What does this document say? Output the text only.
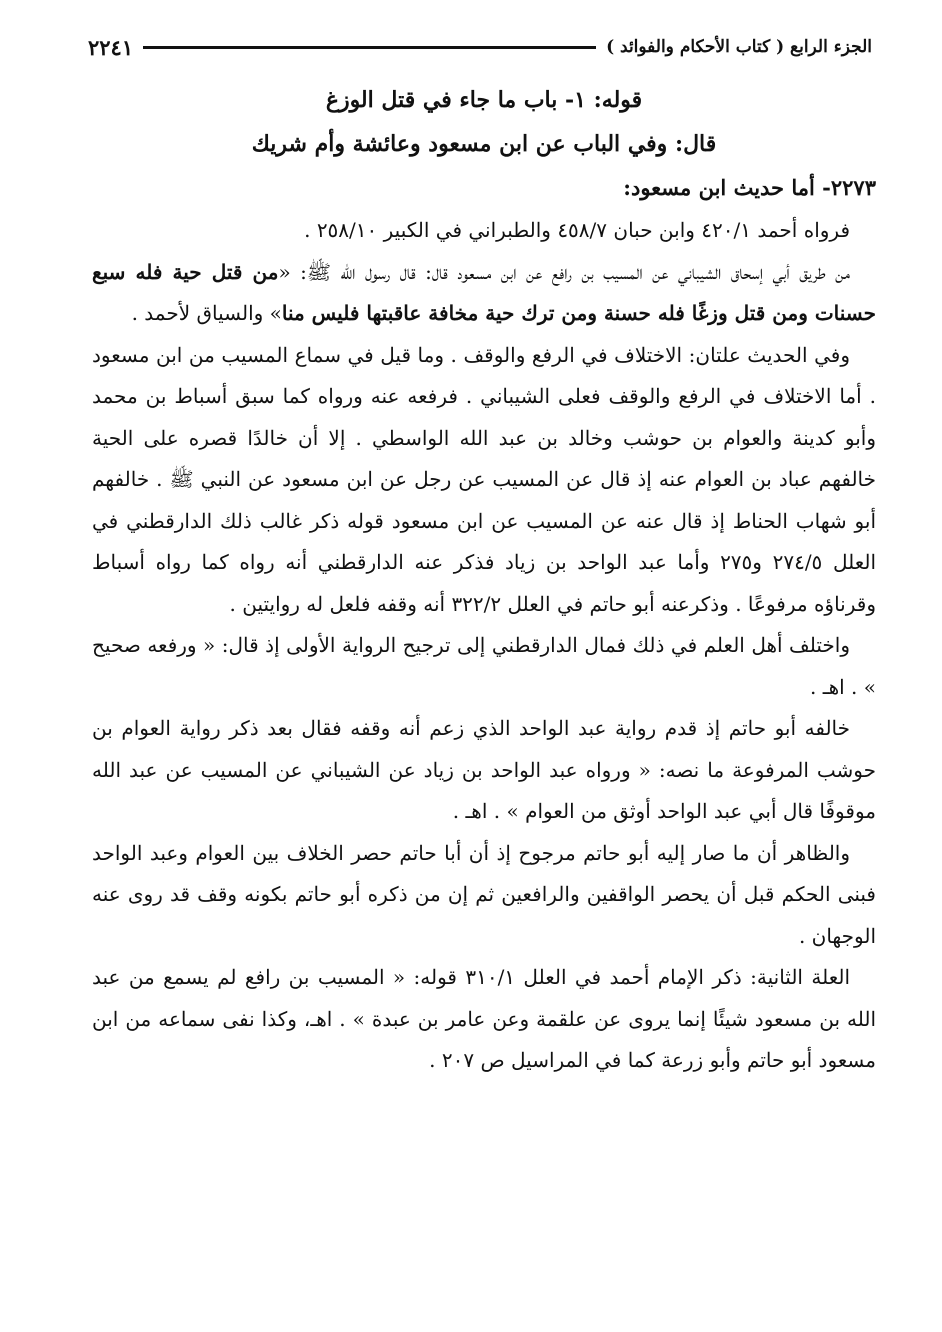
الجزء الرابع ( كتاب الأحكام والفوائد )
٢٢٤١
قوله: ١- باب ما جاء في قتل الوزغ
قال: وفي الباب عن ابن مسعود وعائشة وأم شريك
٢٢٧٣- أما حديث ابن مسعود:

فرواه أحمد ٤٢٠/١ وابن حبان ٤٥٨/٧ والطبراني في الكبير ٢٥٨/١٠ .

من طريق أبي إسحاق الشيباني عن المسيب بن رافع عن ابن مسعود قال: قال رسول الله ﷺ: «من قتل حية فله سبع حسنات ومن قتل وزغًا فله حسنة ومن ترك حية مخافة عاقبتها فليس منا» والسياق لأحمد .

وفي الحديث علتان: الاختلاف في الرفع والوقف . وما قيل في سماع المسيب من ابن مسعود . أما الاختلاف في الرفع والوقف فعلى الشيباني . فرفعه عنه ورواه كما سبق أسباط بن محمد وأبو كدينة والعوام بن حوشب وخالد بن عبد الله الواسطي . إلا أن خالدًا قصره على الحية خالفهم عباد بن العوام عنه إذ قال عن المسيب عن رجل عن ابن مسعود عن النبي ﷺ . خالفهم أبو شهاب الحناط إذ قال عنه عن المسيب عن ابن مسعود قوله ذكر غالب ذلك الدارقطني في العلل ٢٧٤/٥ و٢٧٥ وأما عبد الواحد بن زياد فذكر عنه الدارقطني أنه رواه كما رواه أسباط وقرناؤه مرفوعًا . وذكرعنه أبو حاتم في العلل ٣٢٢/٢ أنه وقفه فلعل له روايتين .

واختلف أهل العلم في ذلك فمال الدارقطني إلى ترجيح الرواية الأولى إذ قال: « ورفعه صحيح » . اهـ .

خالفه أبو حاتم إذ قدم رواية عبد الواحد الذي زعم أنه وقفه فقال بعد ذكر رواية العوام بن حوشب المرفوعة ما نصه: « ورواه عبد الواحد بن زياد عن الشيباني عن المسيب عن عبد الله موقوفًا قال أبي عبد الواحد أوثق من العوام » . اهـ .

والظاهر أن ما صار إليه أبو حاتم مرجوح إذ أن أبا حاتم حصر الخلاف بين العوام وعبد الواحد فبنى الحكم قبل أن يحصر الواقفين والرافعين ثم إن من ذكره أبو حاتم بكونه وقف قد روى عنه الوجهان .

العلة الثانية: ذكر الإمام أحمد في العلل ٣١٠/١ قوله: « المسيب بن رافع لم يسمع من عبد الله بن مسعود شيئًا إنما يروى عن علقمة وعن عامر بن عبدة » . اهـ، وكذا نفى سماعه من ابن مسعود أبو حاتم وأبو زرعة كما في المراسيل ص ٢٠٧ .
